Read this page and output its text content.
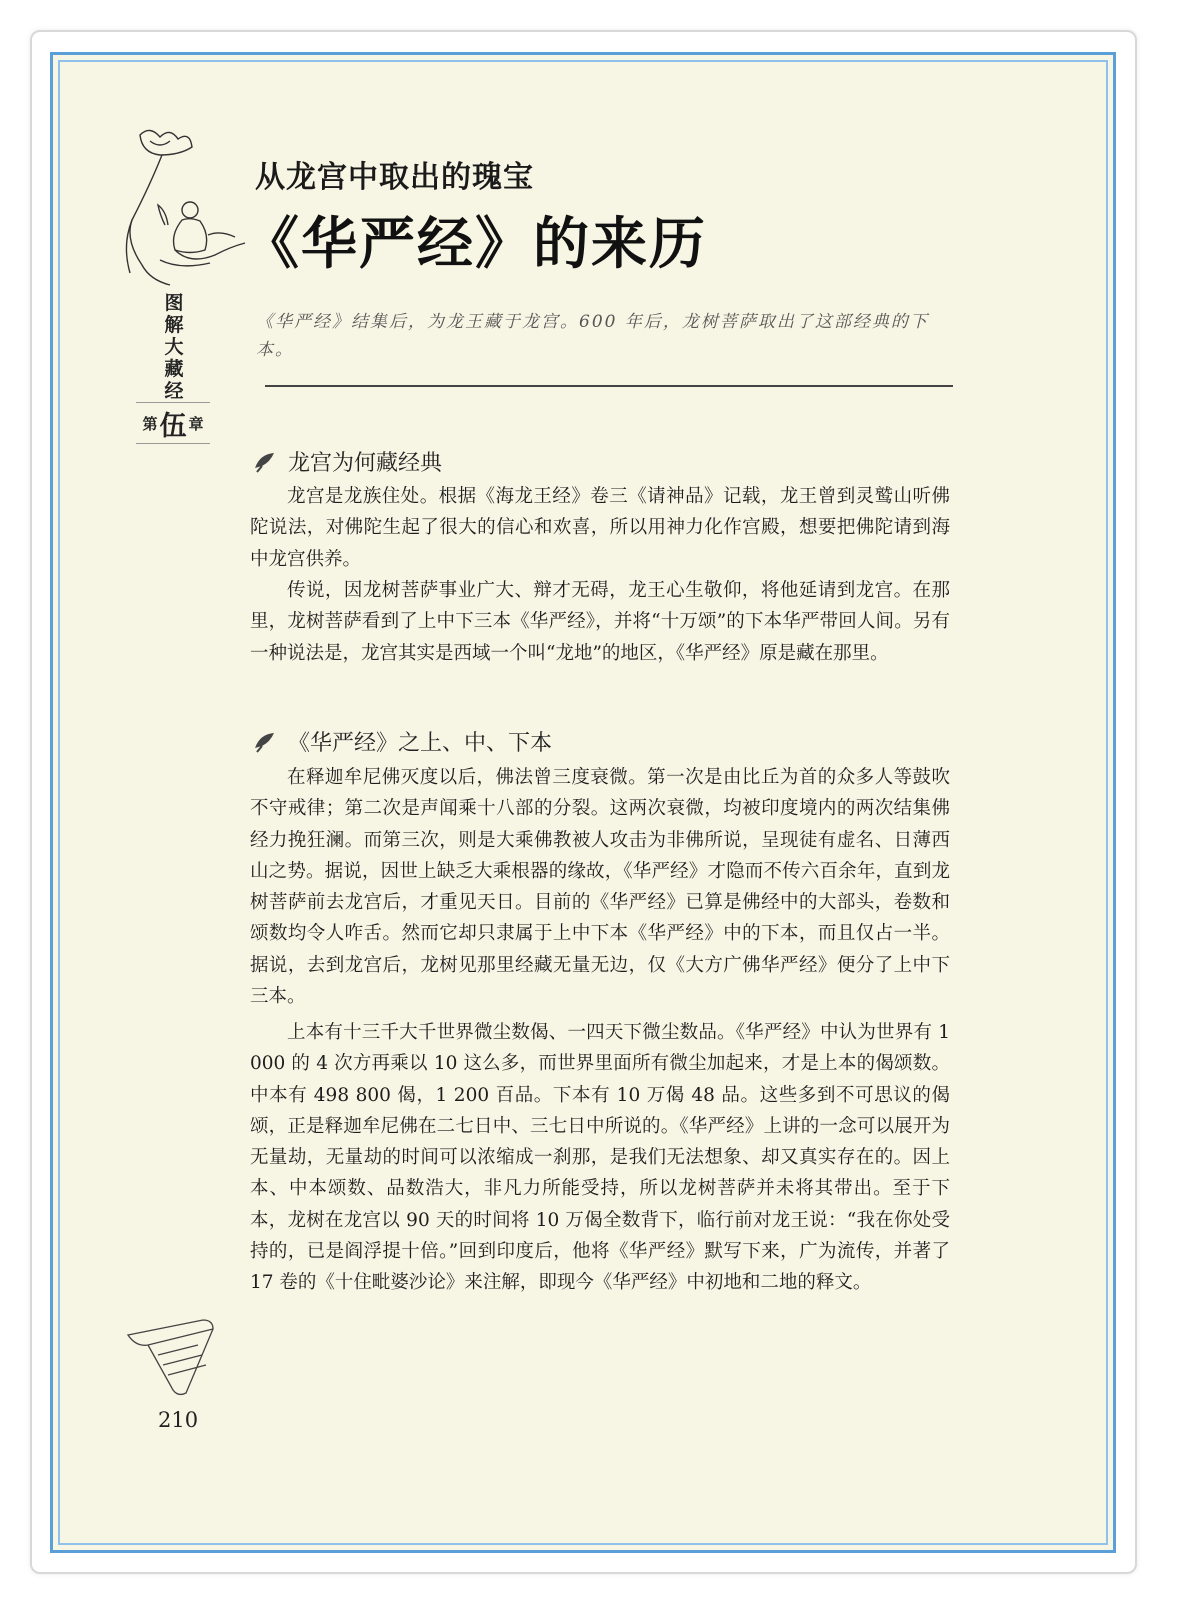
图解大藏经
第 伍 章
从龙宫中取出的瑰宝
《华严经》的来历
《华严经》结集后，为龙王藏于龙宫。600 年后，龙树菩萨取出了这部经典的下本。
龙宫为何藏经典
龙宫是龙族住处。根据《海龙王经》卷三《请神品》记载，龙王曾到灵鹫山听佛陀说法，对佛陀生起了很大的信心和欢喜，所以用神力化作宫殿，想要把佛陀请到海中龙宫供养。
传说，因龙树菩萨事业广大、辩才无碍，龙王心生敬仰，将他延请到龙宫。在那里，龙树菩萨看到了上中下三本《华严经》，并将“十万颂”的下本华严带回人间。另有一种说法是，龙宫其实是西域一个叫“龙地”的地区，《华严经》原是藏在那里。
《华严经》之上、中、下本
在释迦牟尼佛灭度以后，佛法曾三度衰微。第一次是由比丘为首的众多人等鼓吹不守戒律；第二次是声闻乘十八部的分裂。这两次衰微，均被印度境内的两次结集佛经力挽狂澜。而第三次，则是大乘佛教被人攻击为非佛所说，呈现徒有虚名、日薄西山之势。据说，因世上缺乏大乘根器的缘故，《华严经》才隐而不传六百余年，直到龙树菩萨前去龙宫后，才重见天日。目前的《华严经》已算是佛经中的大部头，卷数和颂数均令人咋舌。然而它却只隶属于上中下本《华严经》中的下本，而且仅占一半。据说，去到龙宫后，龙树见那里经藏无量无边，仅《大方广佛华严经》便分了上中下三本。
上本有十三千大千世界微尘数偈、一四天下微尘数品。《华严经》中认为世界有 1 000 的 4 次方再乘以 10 这么多，而世界里面所有微尘加起来，才是上本的偈颂数。中本有 498 800 偈，1 200 百品。下本有 10 万偈 48 品。这些多到不可思议的偈颂，正是释迦牟尼佛在二七日中、三七日中所说的。《华严经》上讲的一念可以展开为无量劫，无量劫的时间可以浓缩成一刹那，是我们无法想象、却又真实存在的。因上本、中本颂数、品数浩大，非凡力所能受持，所以龙树菩萨并未将其带出。至于下本，龙树在龙宫以 90 天的时间将 10 万偈全数背下，临行前对龙王说：“我在你处受持的，已是阎浮提十倍。”回到印度后，他将《华严经》默写下来，广为流传，并著了 17 卷的《十住毗婆沙论》来注解，即现今《华严经》中初地和二地的释文。
210
